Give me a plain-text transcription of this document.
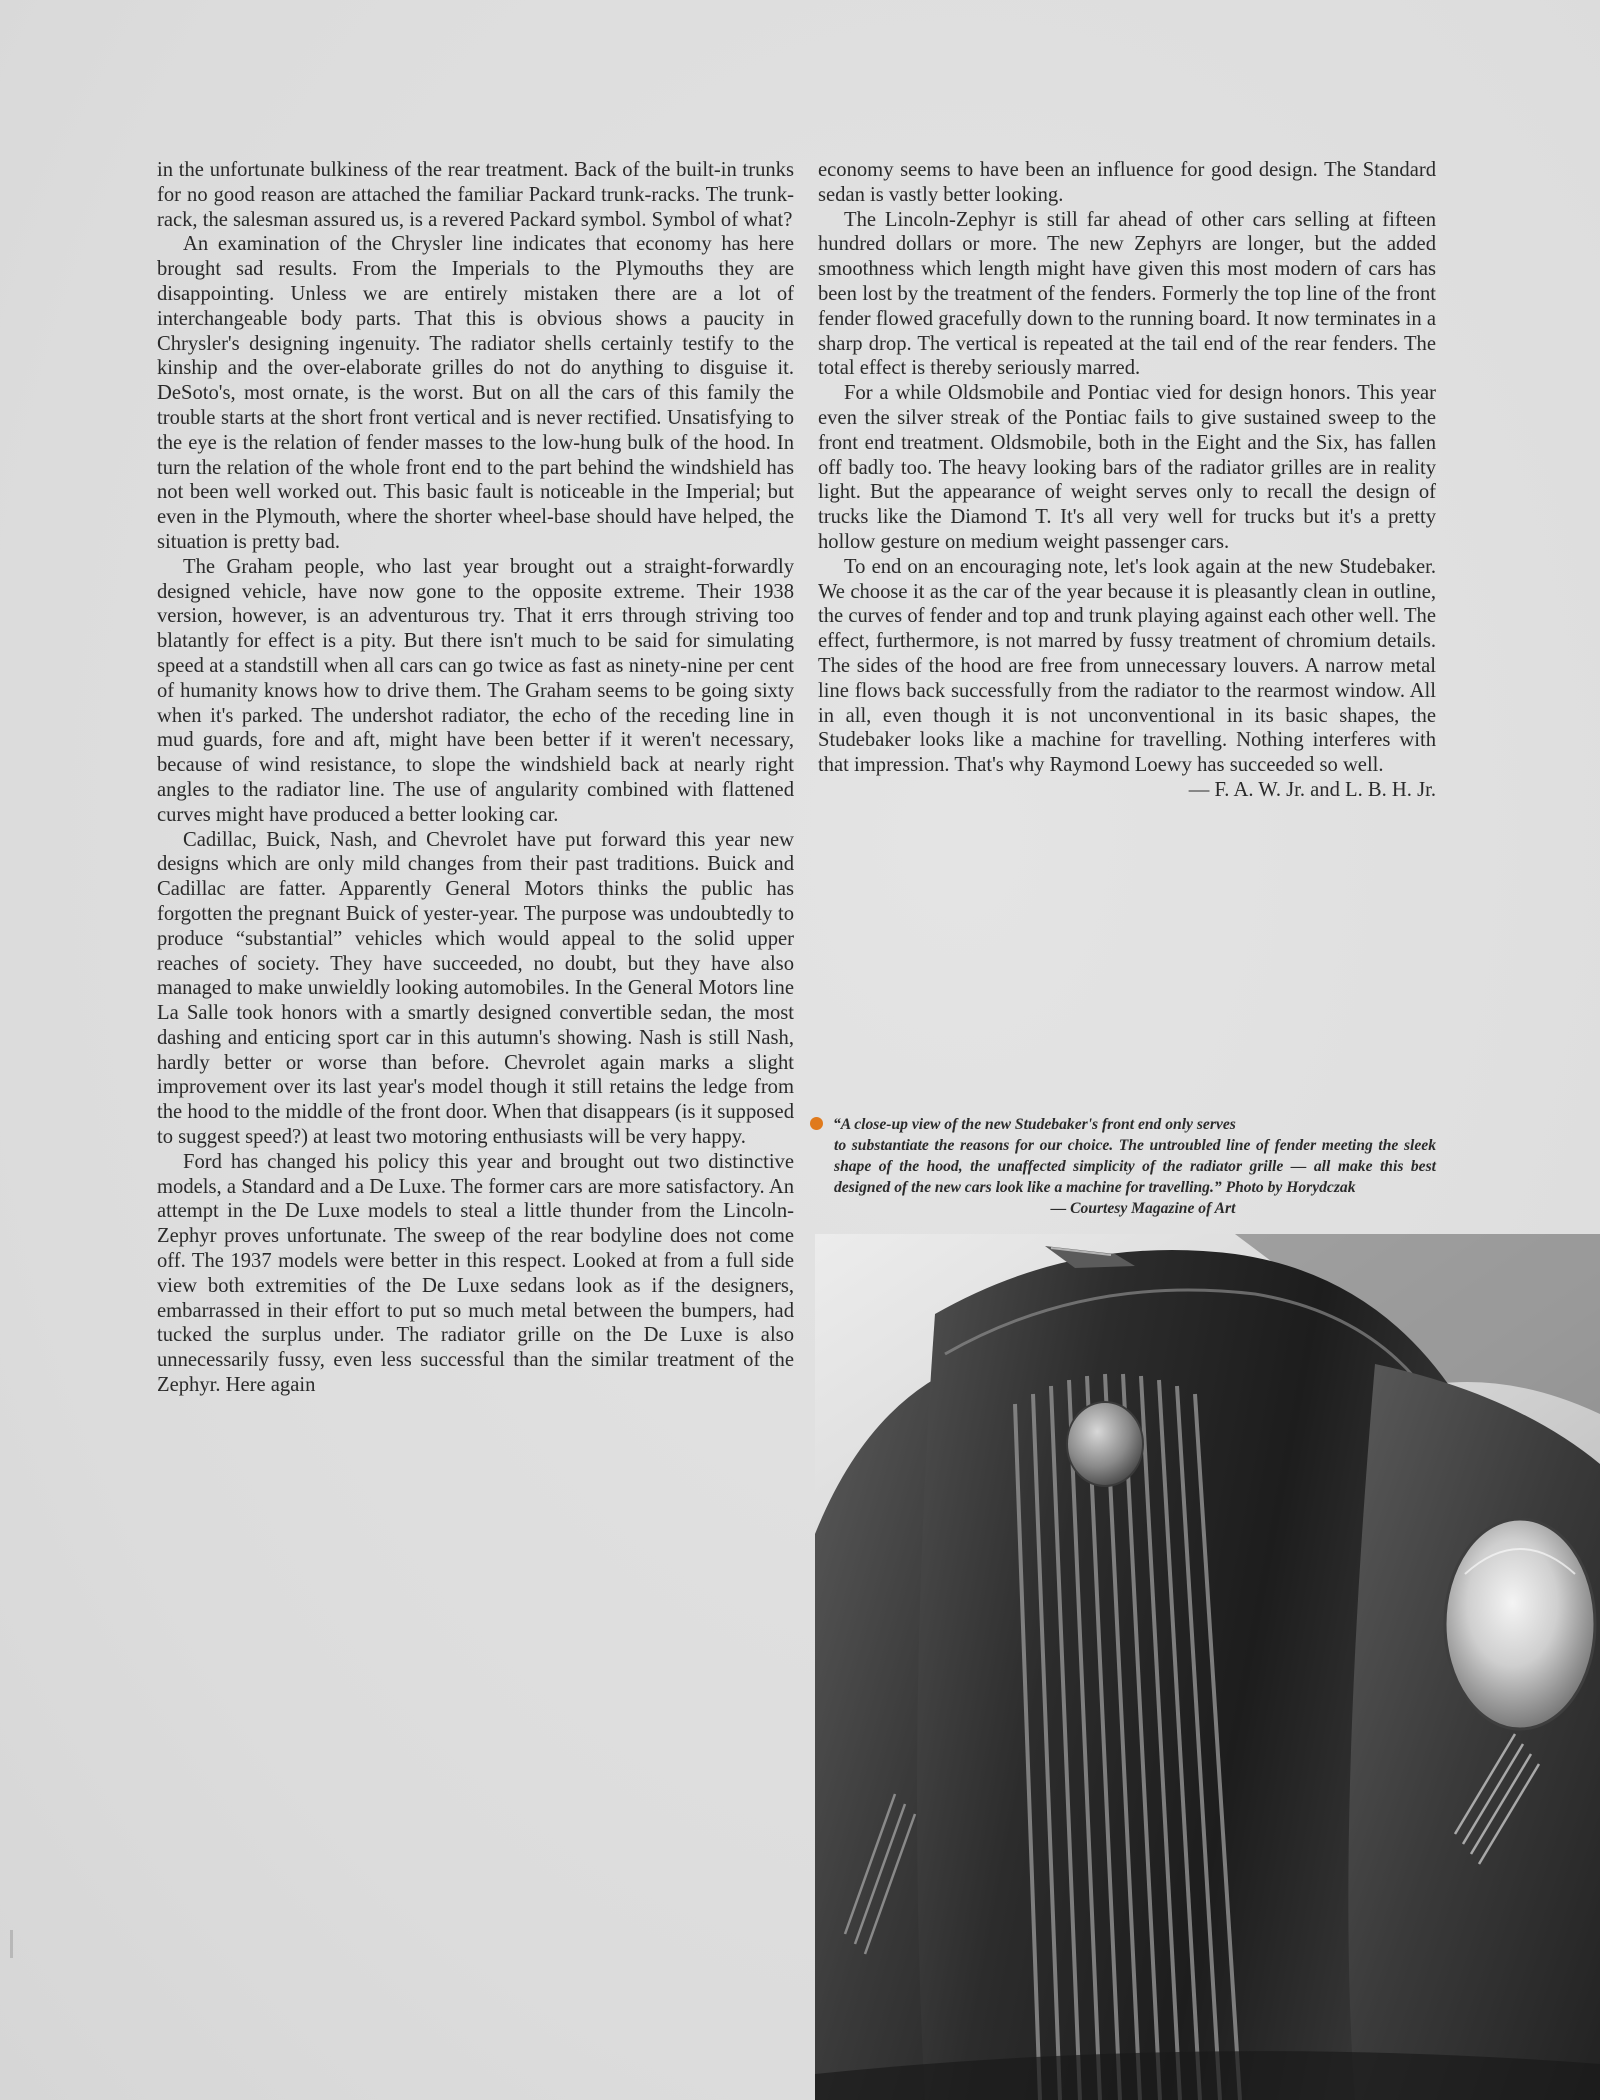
in the unfortunate bulkiness of the rear treatment. Back of the built-in trunks for no good reason are attached the familiar Packard trunk-racks. The trunk-rack, the salesman assured us, is a revered Packard symbol. Symbol of what?

An examination of the Chrysler line indicates that economy has here brought sad results. From the Imperials to the Plymouths they are disappointing. Unless we are entirely mistaken there are a lot of interchangeable body parts. That this is obvious shows a paucity in Chrysler's designing ingenuity. The radiator shells certainly testify to the kinship and the over-elaborate grilles do not do anything to disguise it. DeSoto's, most ornate, is the worst. But on all the cars of this family the trouble starts at the short front vertical and is never rectified. Unsatisfying to the eye is the relation of fender masses to the low-hung bulk of the hood. In turn the relation of the whole front end to the part behind the windshield has not been well worked out. This basic fault is noticeable in the Imperial; but even in the Plymouth, where the shorter wheel-base should have helped, the situation is pretty bad.

The Graham people, who last year brought out a straight-forwardly designed vehicle, have now gone to the opposite extreme. Their 1938 version, however, is an adventurous try. That it errs through striving too blatantly for effect is a pity. But there isn't much to be said for simulating speed at a standstill when all cars can go twice as fast as ninety-nine per cent of humanity knows how to drive them. The Graham seems to be going sixty when it's parked. The undershot radiator, the echo of the receding line in mud guards, fore and aft, might have been better if it weren't necessary, because of wind resistance, to slope the windshield back at nearly right angles to the radiator line. The use of angularity combined with flattened curves might have produced a better looking car.

Cadillac, Buick, Nash, and Chevrolet have put forward this year new designs which are only mild changes from their past traditions. Buick and Cadillac are fatter. Apparently General Motors thinks the public has forgotten the pregnant Buick of yester-year. The purpose was undoubtedly to produce “substantial” vehicles which would appeal to the solid upper reaches of society. They have succeeded, no doubt, but they have also managed to make unwieldly looking automobiles. In the General Motors line La Salle took honors with a smartly designed convertible sedan, the most dashing and enticing sport car in this autumn's showing. Nash is still Nash, hardly better or worse than before. Chevrolet again marks a slight improvement over its last year's model though it still retains the ledge from the hood to the middle of the front door. When that disappears (is it supposed to suggest speed?) at least two motoring enthusiasts will be very happy.

Ford has changed his policy this year and brought out two distinctive models, a Standard and a De Luxe. The former cars are more satisfactory. An attempt in the De Luxe models to steal a little thunder from the Lincoln-Zephyr proves unfortunate. The sweep of the rear bodyline does not come off. The 1937 models were better in this respect. Looked at from a full side view both extremities of the De Luxe sedans look as if the designers, embarrassed in their effort to put so much metal between the bumpers, had tucked the surplus under. The radiator grille on the De Luxe is also unnecessarily fussy, even less successful than the similar treatment of the Zephyr. Here again

economy seems to have been an influence for good design. The Standard sedan is vastly better looking.

The Lincoln-Zephyr is still far ahead of other cars selling at fifteen hundred dollars or more. The new Zephyrs are longer, but the added smoothness which length might have given this most modern of cars has been lost by the treatment of the fenders. Formerly the top line of the front fender flowed gracefully down to the running board. It now terminates in a sharp drop. The vertical is repeated at the tail end of the rear fenders. The total effect is thereby seriously marred.

For a while Oldsmobile and Pontiac vied for design honors. This year even the silver streak of the Pontiac fails to give sustained sweep to the front end treatment. Oldsmobile, both in the Eight and the Six, has fallen off badly too. The heavy looking bars of the radiator grilles are in reality light. But the appearance of weight serves only to recall the design of trucks like the Diamond T. It's all very well for trucks but it's a pretty hollow gesture on medium weight passenger cars.

To end on an encouraging note, let's look again at the new Studebaker. We choose it as the car of the year because it is pleasantly clean in outline, the curves of fender and top and trunk playing against each other well. The effect, furthermore, is not marred by fussy treatment of chromium details. The sides of the hood are free from unnecessary louvers. A narrow metal line flows back successfully from the radiator to the rearmost window. All in all, even though it is not unconventional in its basic shapes, the Studebaker looks like a machine for travelling. Nothing interferes with that impression. That's why Raymond Loewy has succeeded so well.

— F. A. W. Jr. and L. B. H. Jr.

“A close-up view of the new Studebaker's front end only serves
to substantiate the reasons for our choice. The untroubled line of fender meeting the sleek shape of the hood, the unaffected simplicity of the radiator grille — all make this best designed of the new cars look like a machine for travelling.” Photo by Horydczak
— Courtesy Magazine of Art
